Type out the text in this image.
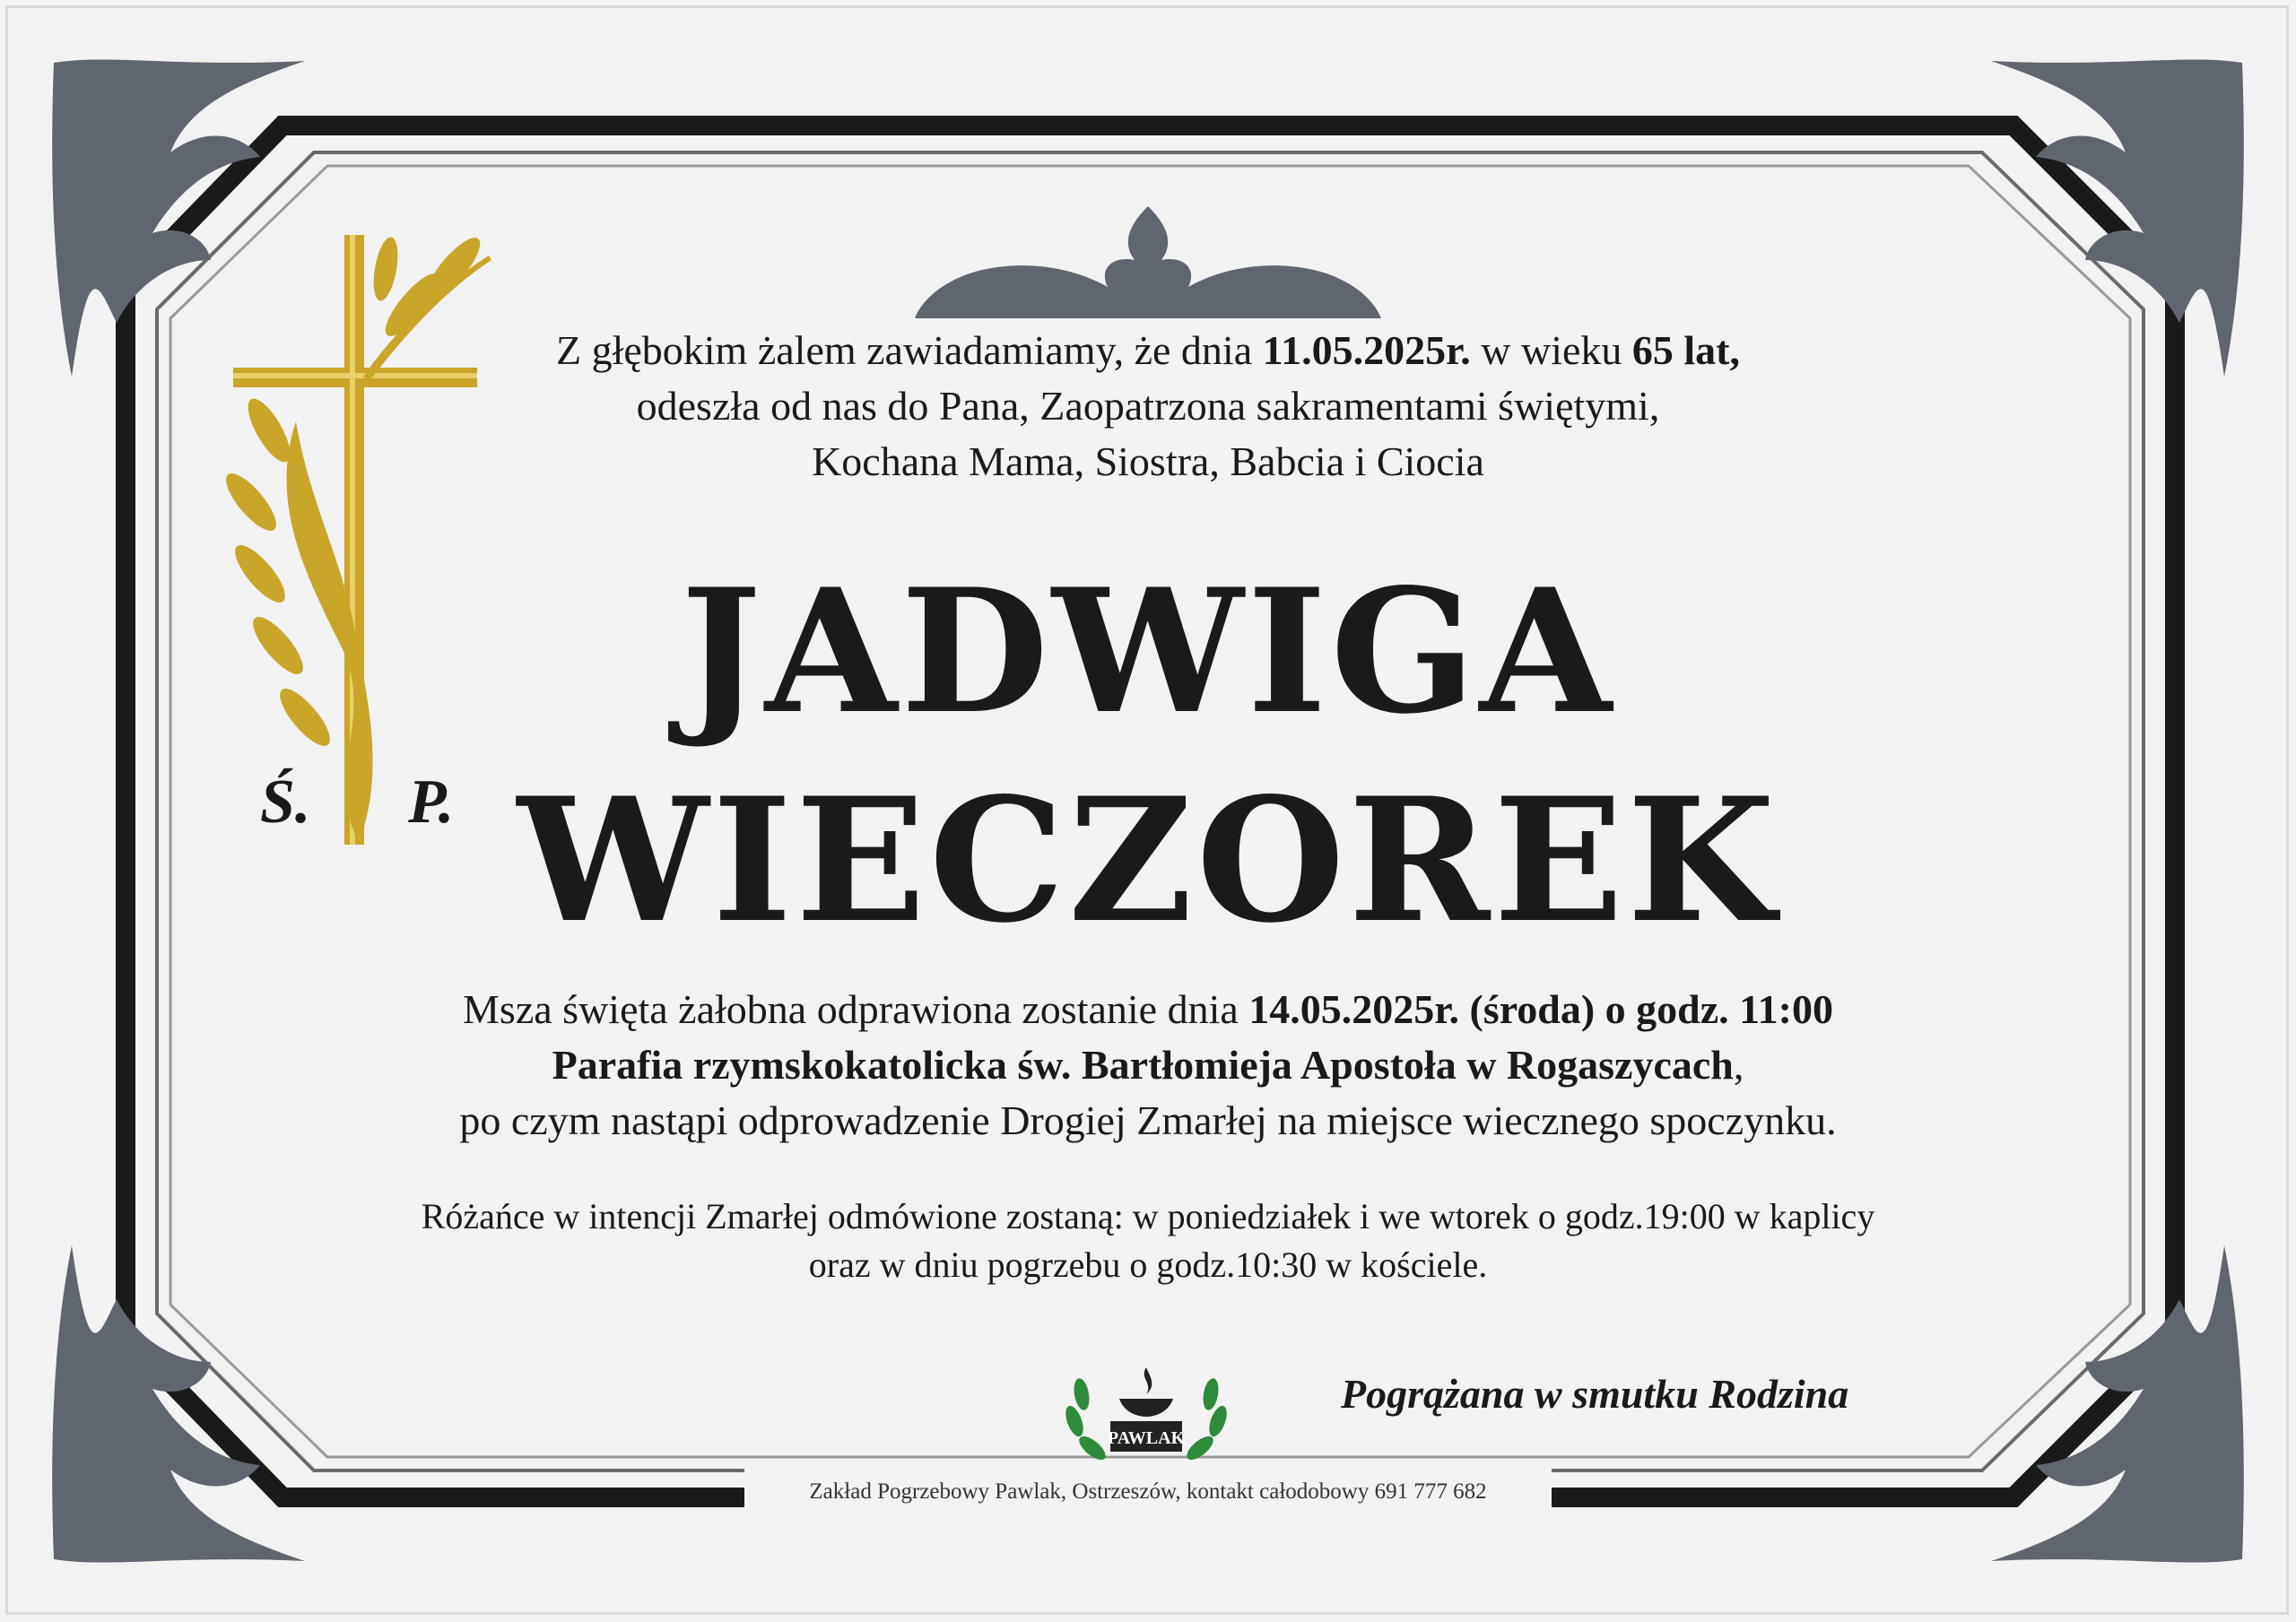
Ś. P.
Z głębokim żalem zawiadamiamy, że dnia 11.05.2025r. w wieku 65 lat,
odeszła od nas do Pana, Zaopatrzona sakramentami świętymi,
Kochana Mama, Siostra, Babcia i Ciocia
JADWIGA
WIECZOREK
Msza święta żałobna odprawiona zostanie dnia 14.05.2025r. (środa) o godz. 11:00
Parafia rzymskokatolicka św. Bartłomieja Apostoła w Rogaszycach,
po czym nastąpi odprowadzenie Drogiej Zmarłej na miejsce wiecznego spoczynku.
Różańce w intencji Zmarłej odmówione zostaną: w poniedziałek i we wtorek o godz.19:00 w kaplicy
oraz w dniu pogrzebu o godz.10:30 w kościele.
PAWLAK
Pogrążana w smutku Rodzina
Zakład Pogrzebowy Pawlak, Ostrzeszów, kontakt całodobowy 691 777 682
